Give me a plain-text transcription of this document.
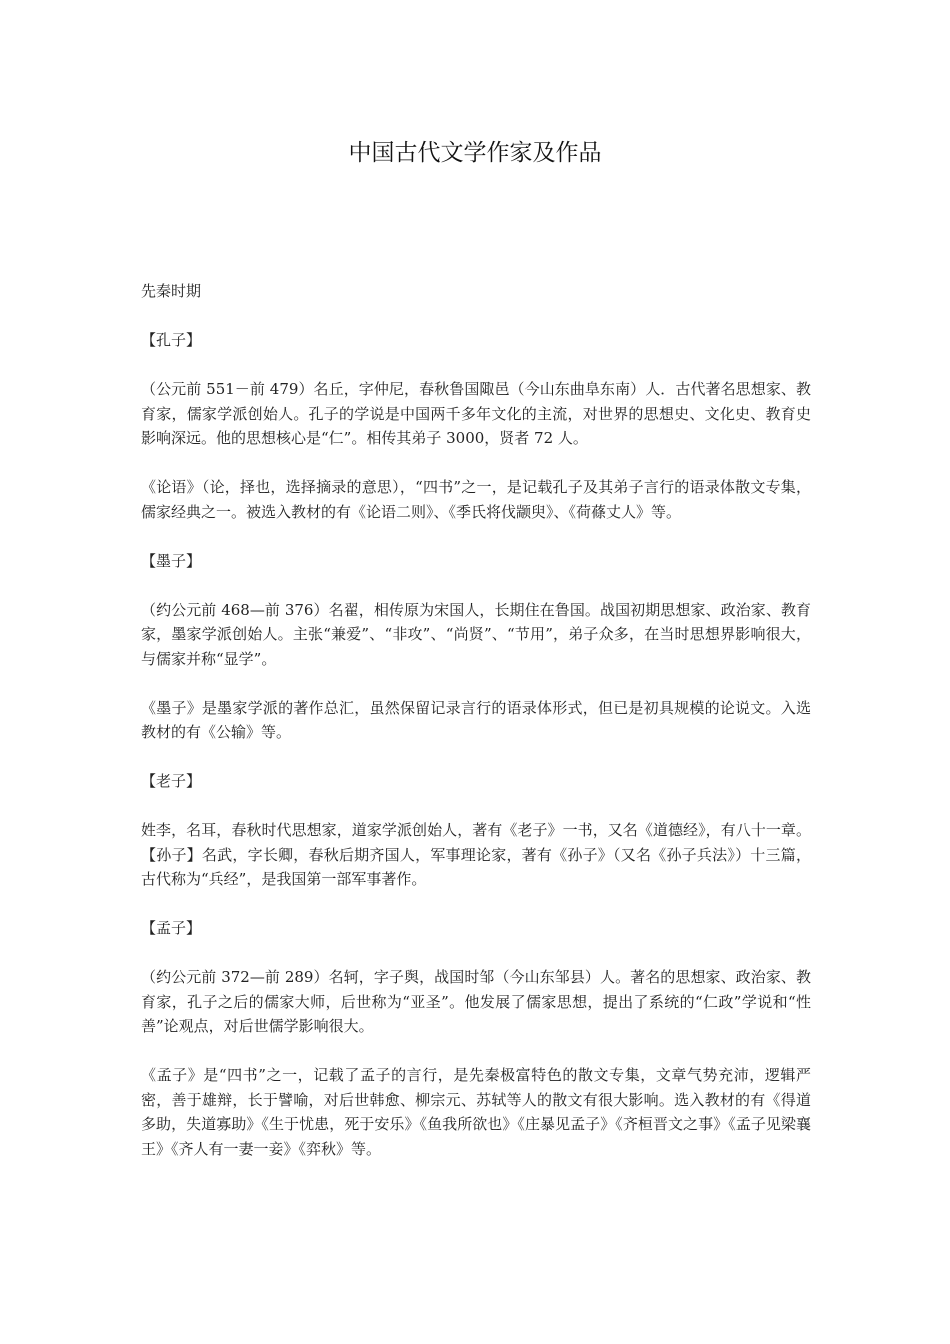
中国古代文学作家及作品

先秦时期

【孔子】

（公元前 551－前 479）名丘，字仲尼，春秋鲁国陬邑（今山东曲阜东南）人．古代著名思想家、教育家，儒家学派创始人。孔子的学说是中国两千多年文化的主流，对世界的思想史、文化史、教育史影响深远。他的思想核心是“仁”。相传其弟子 3000，贤者 72 人。

《论语》（论，择也，选择摘录的意思），“四书”之一，是记载孔子及其弟子言行的语录体散文专集，儒家经典之一。被选入教材的有《论语二则》、《季氏将伐颛臾》、《荷蓧丈人》等。

【墨子】

（约公元前 468—前 376）名翟，相传原为宋国人，长期住在鲁国。战国初期思想家、政治家、教育家，墨家学派创始人。主张“兼爱”、“非攻”、“尚贤”、“节用”，弟子众多，在当时思想界影响很大，与儒家并称“显学”。

《墨子》是墨家学派的著作总汇，虽然保留记录言行的语录体形式，但已是初具规模的论说文。入选教材的有《公输》等。

【老子】

姓李，名耳，春秋时代思想家，道家学派创始人，著有《老子》一书，又名《道德经》，有八十一章。【孙子】名武，字长卿，春秋后期齐国人，军事理论家，著有《孙子》（又名《孙子兵法》）十三篇，古代称为“兵经”，是我国第一部军事著作。

【孟子】

（约公元前 372—前 289）名轲，字子舆，战国时邹（今山东邹县）人。著名的思想家、政治家、教育家，孔子之后的儒家大师，后世称为“亚圣”。他发展了儒家思想，提出了系统的“仁政”学说和“性善”论观点，对后世儒学影响很大。

《孟子》是“四书”之一，记载了孟子的言行，是先秦极富特色的散文专集，文章气势充沛，逻辑严密，善于雄辩，长于譬喻，对后世韩愈、柳宗元、苏轼等人的散文有很大影响。选入教材的有《得道多助，失道寡助》《生于忧患，死于安乐》《鱼我所欲也》《庄暴见孟子》《齐桓晋文之事》《孟子见梁襄王》《齐人有一妻一妾》《弈秋》等。
